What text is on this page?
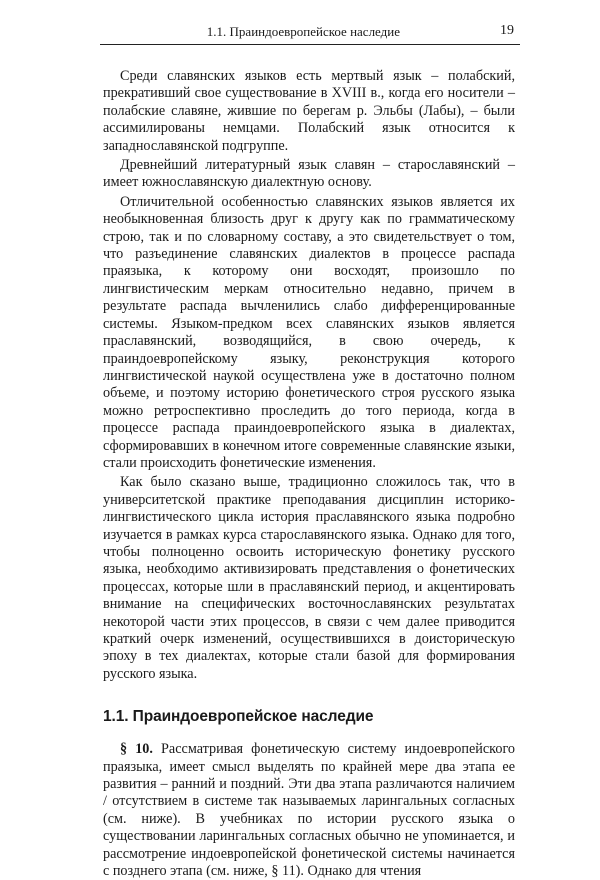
1.1. Праиндоевропейское наследие	19

Среди славянских языков есть мертвый язык – полабский, прекративший свое существование в XVIII в., когда его носители – полабские славяне, жившие по берегам р. Эльбы (Лабы), – были ассимилированы немцами. Полабский язык относится к западнославянской подгруппе.

Древнейший литературный язык славян – старославянский – имеет южнославянскую диалектную основу.

Отличительной особенностью славянских языков является их необыкновенная близость друг к другу как по грамматическому строю, так и по словарному составу, а это свидетельствует о том, что разъединение славянских диалектов в процессе распада праязыка, к которому они восходят, произошло по лингвистическим меркам относительно недавно, причем в результате распада вычленились слабо дифференцированные системы. Языком-предком всех славянских языков является праславянский, возводящийся, в свою очередь, к праиндоевропейскому языку, реконструкция которого лингвистической наукой осуществлена уже в достаточно полном объеме, и поэтому историю фонетического строя русского языка можно ретроспективно проследить до того периода, когда в процессе распада праиндоевропейского языка в диалектах, сформировавших в конечном итоге современные славянские языки, стали происходить фонетические изменения.

Как было сказано выше, традиционно сложилось так, что в университетской практике преподавания дисциплин историко-лингвистического цикла история праславянского языка подробно изучается в рамках курса старославянского языка. Однако для того, чтобы полноценно освоить историческую фонетику русского языка, необходимо активизировать представления о фонетических процессах, которые шли в праславянский период, и акцентировать внимание на специфических восточнославянских результатах некоторой части этих процессов, в связи с чем далее приводится краткий очерк изменений, осуществившихся в доисторическую эпоху в тех диалектах, которые стали базой для формирования русского языка.

1.1. Праиндоевропейское наследие

§ 10. Рассматривая фонетическую систему индоевропейского праязыка, имеет смысл выделять по крайней мере два этапа ее развития – ранний и поздний. Эти два этапа различаются наличием / отсутствием в системе так называемых ларингальных согласных (см. ниже). В учебниках по истории русского языка о существовании ларингальных согласных обычно не упоминается, и рассмотрение индоевропейской фонетической системы начинается с позднего этапа (см. ниже, § 11). Однако для чтения
